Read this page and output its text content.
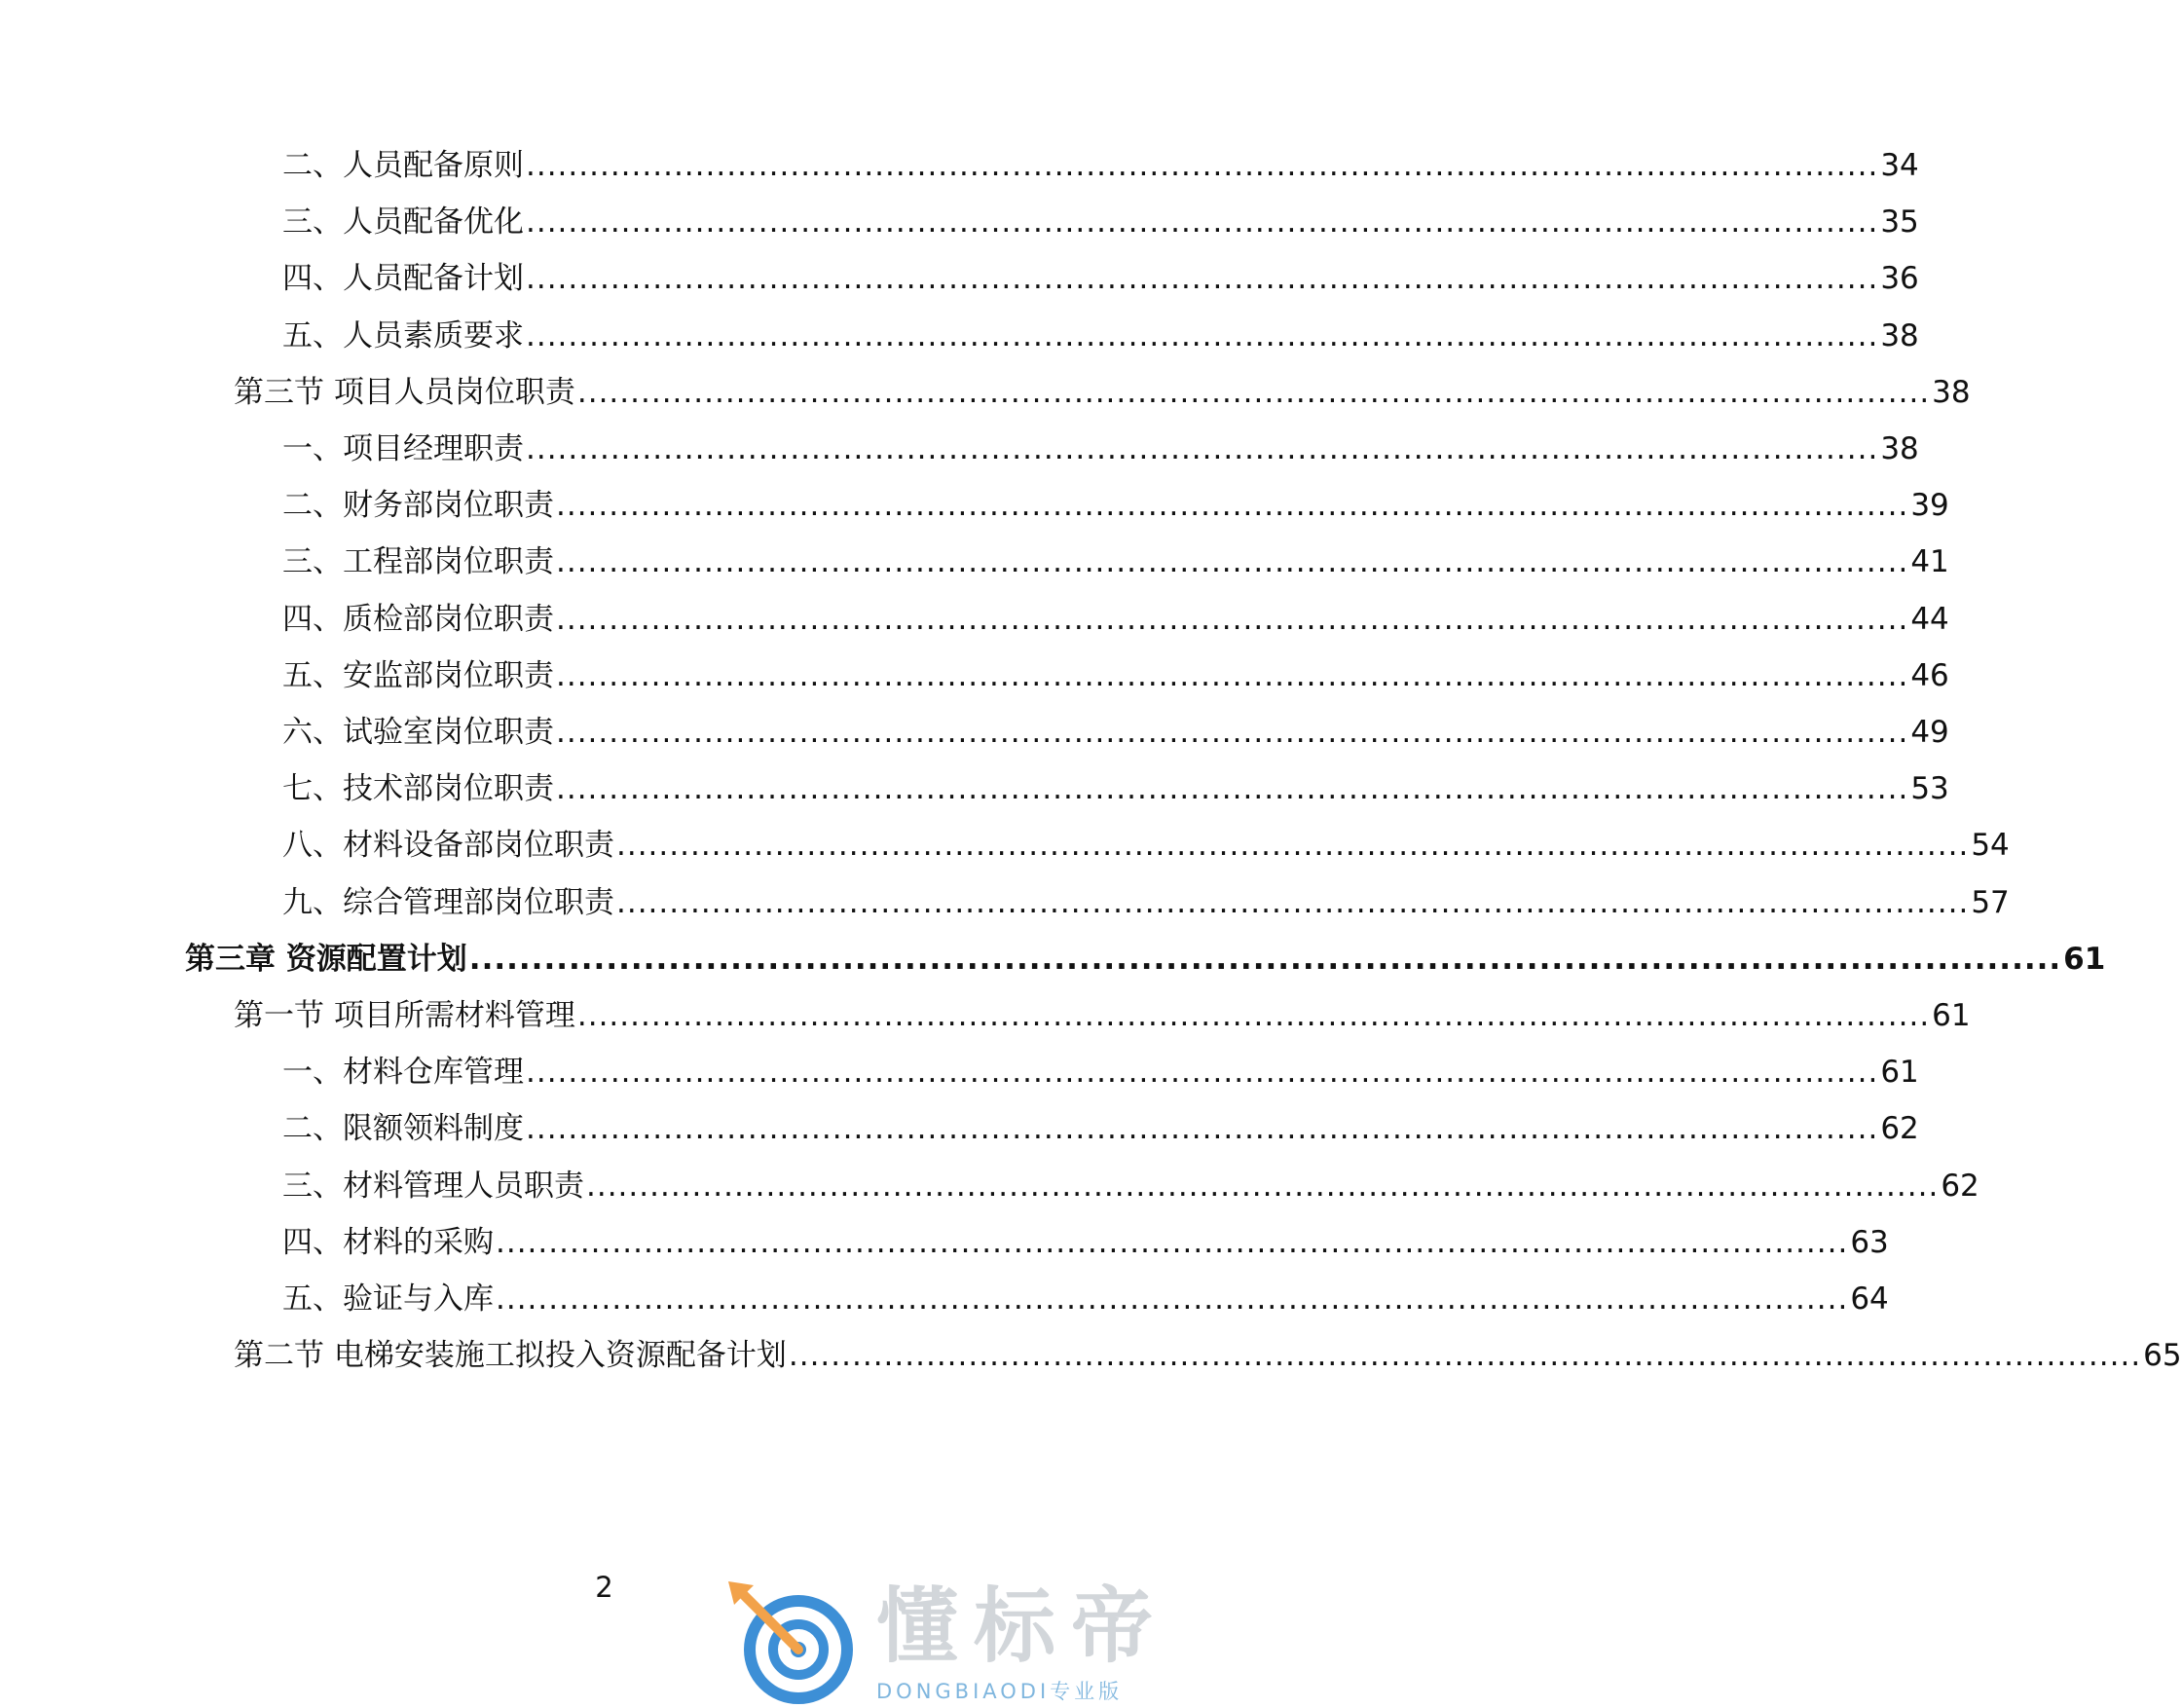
二、人员配备原则 ................................................................................................................................ 34
三、人员配备优化 ................................................................................................................................ 35
四、人员配备计划 ................................................................................................................................ 36
五、人员素质要求 ................................................................................................................................ 38
第三节 项目人员岗位职责 ................................................................................................................................ 38
一、项目经理职责 ................................................................................................................................ 38
二、财务部岗位职责 ................................................................................................................................ 39
三、工程部岗位职责 ................................................................................................................................ 41
四、质检部岗位职责 ................................................................................................................................ 44
五、安监部岗位职责 ................................................................................................................................ 46
六、试验室岗位职责 ................................................................................................................................ 49
七、技术部岗位职责 ................................................................................................................................ 53
八、材料设备部岗位职责 ................................................................................................................................ 54
九、综合管理部岗位职责 ................................................................................................................................ 57
第三章 资源配置计划 ................................................................................................................................ 61
第一节 项目所需材料管理 ................................................................................................................................ 61
一、材料仓库管理 ................................................................................................................................ 61
二、限额领料制度 ................................................................................................................................ 62
三、材料管理人员职责 ................................................................................................................................ 62
四、材料的采购 ................................................................................................................................ 63
五、验证与入库 ................................................................................................................................ 64
第二节 电梯安装施工拟投入资源配备计划 ................................................................................................................................ 65
2	懂标帝
DONGBIAODI专业版
